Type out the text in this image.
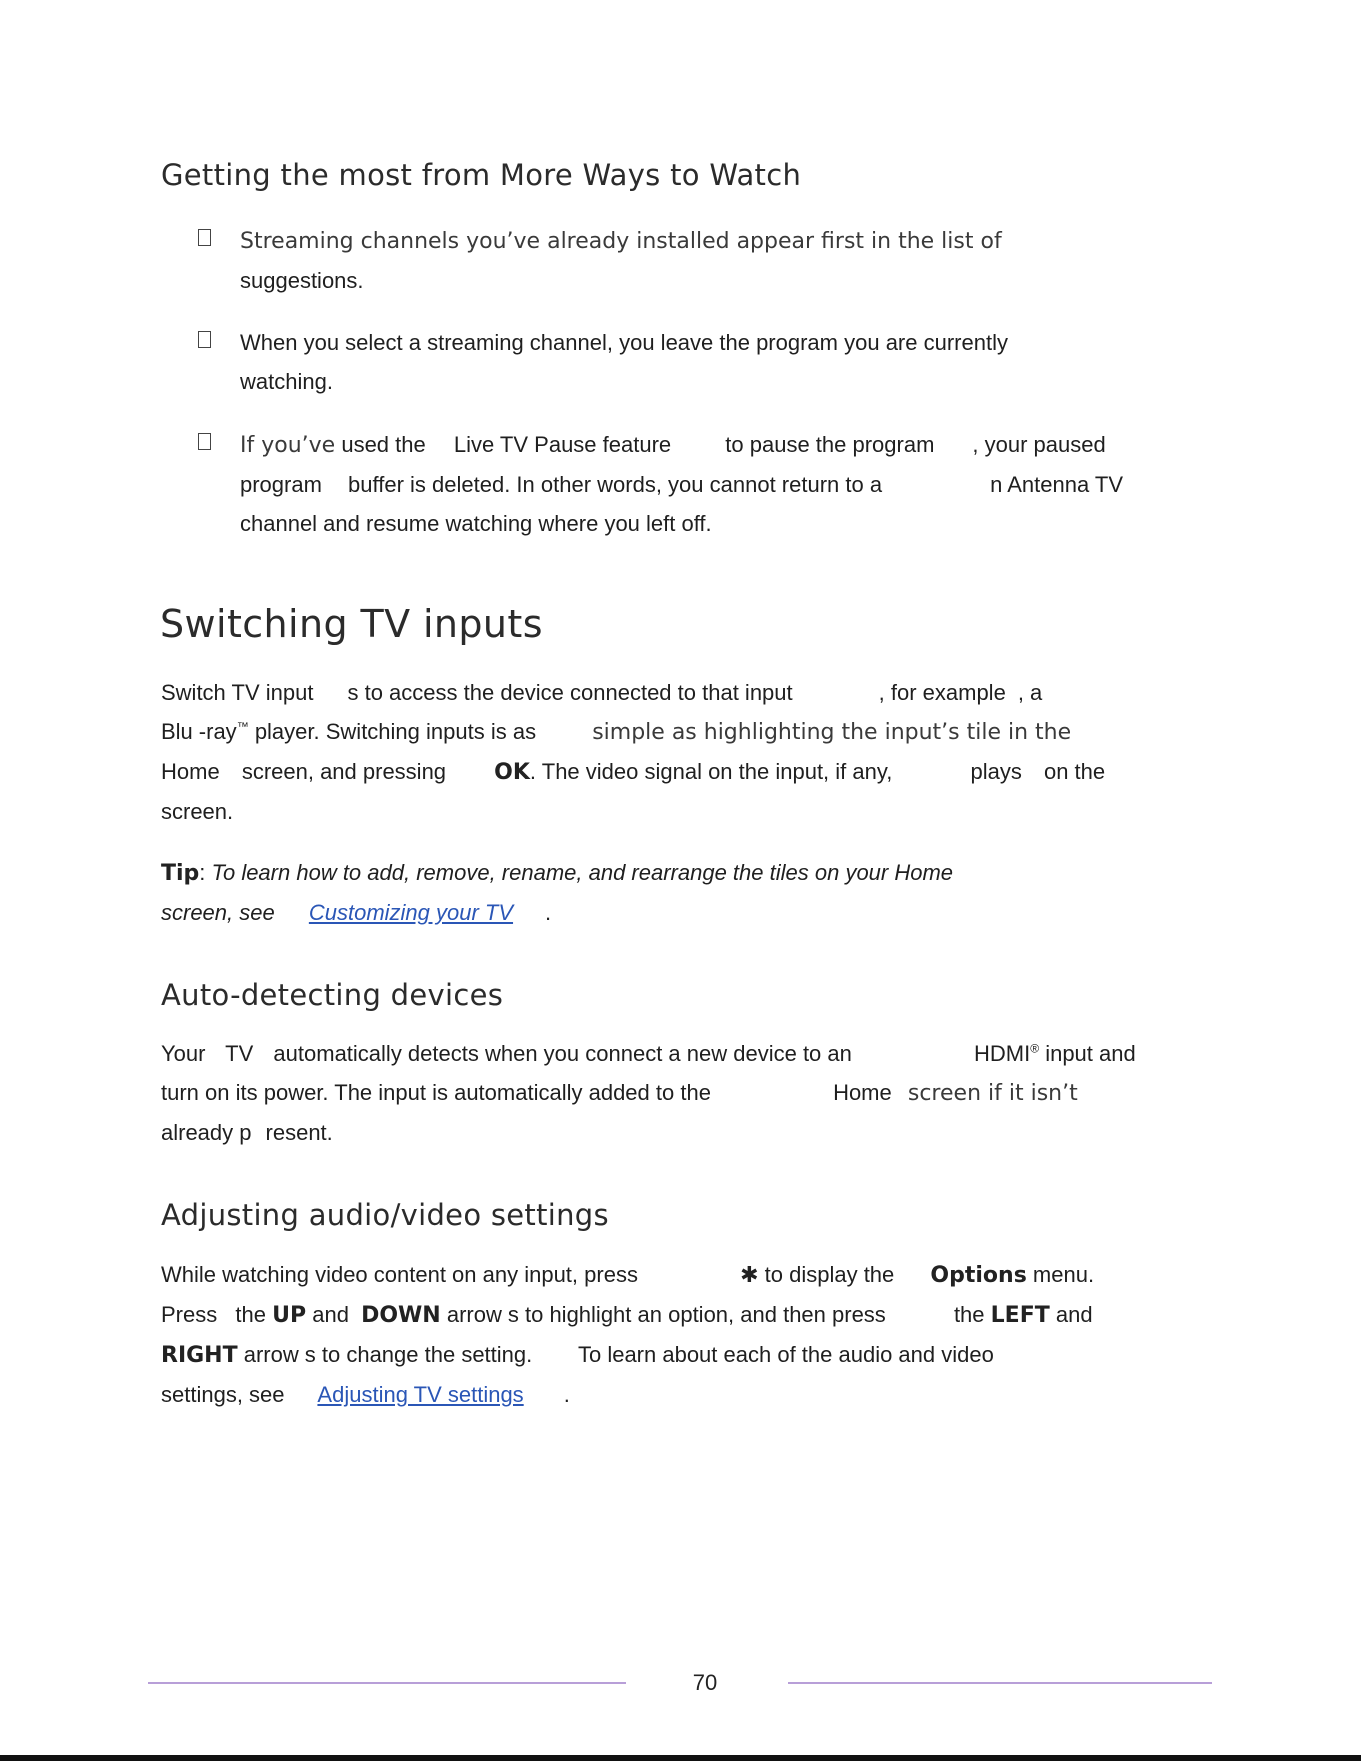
Getting the most from More Ways to Watch
Streaming channels you’ve already installed appear first in the list of
suggestions.
When you select a streaming channel, you leave the program you are currently
watching.
If you’ve used the Live TV Pause feature to pause the program , your paused
program buffer is deleted. In other words, you cannot return to a	n Antenna TV
channel and resume watching where you left off.
Switching TV inputs
Switch TV input s to access the device connected to that input	, for example , a
Blu -ray™ player. Switching inputs is as	simple as highlighting the input’s tile in the
Home screen, and pressing OK. The video signal on the input, if any,	plays on the
screen.
Tip: To learn how to add, remove, rename, and rearrange the tiles on your Home
screen, see Customizing your TV .
Auto-detecting devices
Your TV automatically detects when you connect a new device to an	HDMI® input and
turn on its power. The input is automatically added to the	Home screen if it isn’t
already p resent.
Adjusting audio/video settings
While watching video content on any input, press	✱ to display the Options menu.
Press the UP and DOWN arrow s to highlight an option, and then press	the LEFT and
RIGHT arrow s to change the setting. To learn about each of the audio and video
settings, see Adjusting TV settings .
70
